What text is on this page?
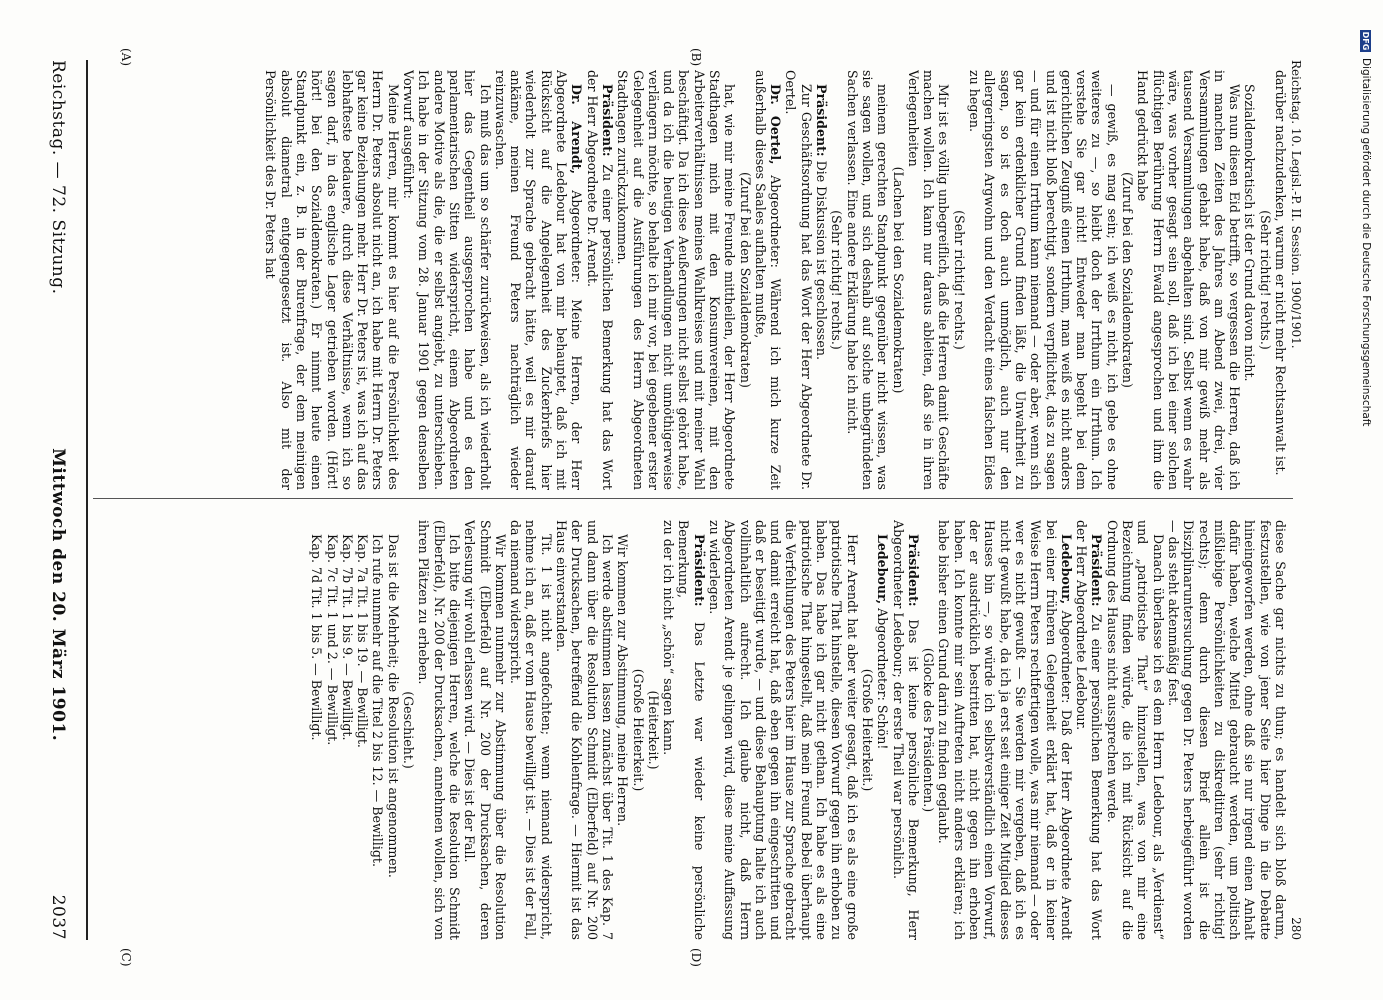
DFG
Digitalisierung gefördert durch die Deutsche Forschungsgemeinschaft
Reichstag. 10. Legisl.-P. II. Session. 1900/1901.
280

darüber nachzudenken, warum er nicht mehr Rechtsanwalt ist.

(Sehr richtig! rechts.)

Sozialdemokratisch ist der Grund davon nicht.

Was nun diesen Eid betrifft, so vergessen die Herren, daß ich in manchen Zeiten des Jahres am Abend zwei, drei, vier Versammlungen gehabt habe, daß von mir gewiß mehr als tausend Versammlungen abgehalten sind. Selbst wenn es wahr wäre, was vorher gesagt sein soll, daß ich bei einer solchen flüchtigen Berührung Herrn Ewald angesprochen und ihm die Hand gedrückt habe

(Zuruf bei den Sozialdemokraten)

— gewiß, es mag sein; ich weiß es nicht, ich gebe es ohne weiteres zu —, so bleibt doch der Irrthum ein Irrthum. Ich verstehe Sie gar nicht! Entweder man begeht bei dem gerichtlichen Zeugniß einen Irrthum, man weiß es nicht anders und ist nicht bloß berechtigt, sondern verpflichtet, das zu sagen — und für einen Irrthum kann niemand — oder aber, wenn sich gar kein erdenklicher Grund finden läßt, die Unwahrheit zu sagen, so ist es doch auch unmöglich, auch nur den allergeringsten Argwohn und den Verdacht eines falschen Eides zu hegen.

(Sehr richtig! rechts.)

Mir ist es völlig unbegreiflich, daß die Herren damit Geschäfte machen wollen. Ich kann nur daraus ableiten, daß sie in ihren Verlegenheiten

(Lachen bei den Sozialdemokraten)

meinem gerechten Standpunkt gegenüber nicht wissen, was sie sagen wollen, und sich deshalb auf solche unbegründeten Sachen verlassen. Eine andere Erklärung habe ich nicht.

(Sehr richtig! rechts.)

Präsident: Die Diskussion ist geschlossen.

Zur Geschäftsordnung hat das Wort der Herr Abgeordnete Dr. Oertel.

Dr. Oertel, Abgeordneter: Während ich mich kurze Zeit außerhalb dieses Saales aufhalten mußte,

(Zuruf bei den Sozialdemokraten)

hat, wie mir meine Freunde mittheilen, der Herr Abgeordnete Stadthagen mich mit den Konsumvereinen, mit den Arbeiterverhältnissen meines Wahlkreises und mit meiner Wahl beschäftigt. Da ich diese Aeußerungen nicht selbst gehört habe, und da ich die heutigen Verhandlungen nicht unnöthigerweise verlängern möchte, so behalte ich mir vor, bei gegebener erster Gelegenheit auf die Ausführungen des Herrn Abgeordneten Stadthagen zurückzukommen.

Präsident: Zu einer persönlichen Bemerkung hat das Wort der Herr Abgeordnete Dr. Arendt.

Dr. Arendt, Abgeordneter: Meine Herren, der Herr Abgeordnete Ledebour hat von mir behauptet, daß ich mit Rücksicht auf die Angelegenheit des Zuckerbriefs hier wiederholt zur Sprache gebracht hätte, weil es mir darauf ankäme, meinen Freund Peters nachträglich wieder reinzuwaschen.

Ich muß das um so schärfer zurückweisen, als ich wiederholt hier das Gegentheil ausgesprochen habe und es den parlamentarischen Sitten widerspricht, einem Abgeordneten andere Motive als die, die er selbst angiebt, zu unterschieben. Ich habe in der Sitzung vom 28. Januar 1901 gegen denselben Vorwurf ausgeführt:

Meine Herren, mir kommt es hier auf die Persönlichkeit des Herrn Dr. Peters absolut nicht an, ich habe mit Herrn Dr. Peters gar keine Beziehungen mehr. Herr Dr. Peters ist, was ich auf das lebhafteste bedauere, durch diese Verhältnisse, wenn ich so sagen darf, in das englische Lager getrieben worden. (Hört! hört! bei den Sozialdemokraten.) Er nimmt heute einen Standpunkt ein, z. B. in der Burenfrage, der dem meinigen absolut diametral entgegengesetzt ist. Also mit der Persönlichkeit des Dr. Peters hat

diese Sache gar nichts zu thun; es handelt sich bloß darum, festzustellen, wie von jener Seite hier Dinge in die Debatte hineingeworfen werden, ohne daß sie nur irgend einen Anhalt dafür haben, welche Mittel gebraucht werden, um politisch mißliebige Persönlichkeiten zu diskreditiren (sehr richtig! rechts); denn durch diesen Brief allein ist die Disziplinaruntersuchung gegen Dr. Peters herbeigeführt worden — das steht aktenmäßig fest.

Danach überlasse ich es dem Herrn Ledebour, als „Verdienst“ und „patriotische That“ hinzustellen, was von mir eine Bezeichnung finden würde, die ich mit Rücksicht auf die Ordnung des Hauses nicht aussprechen werde.

Präsident: Zu einer persönlichen Bemerkung hat das Wort der Herr Abgeordnete Ledebour.

Ledebour, Abgeordneter: Daß der Herr Abgeordnete Arendt bei einer früheren Gelegenheit erklärt hat, daß er in keiner Weise Herrn Peters rechtfertigen wolle, was mir niemand — oder wer es nicht gewußt — Sie werden mir vergeben, daß ich es nicht gewußt habe, da ich ja erst seit einiger Zeit Mitglied dieses Hauses bin —, so würde ich selbstverständlich einen Vorwurf, der er ausdrücklich bestritten hat, nicht gegen ihn erhoben haben. Ich konnte mir sein Auftreten nicht anders erklären; ich habe bisher einen Grund darin zu finden geglaubt.

(Glocke des Präsidenten.)

Präsident: Das ist keine persönliche Bemerkung, Herr Abgeordneter Ledebour; der erste Theil war persönlich.

Ledebour, Abgeordneter: Schön!

(Große Heiterkeit.)

Herr Arendt hat aber weiter gesagt, daß ich es als eine große patriotische That hinstelle, diesen Vorwurf gegen ihn erhoben zu haben. Das habe ich gar nicht gethan. Ich habe es als eine patriotische That hingestellt, daß mein Freund Bebel überhaupt die Verfehlungen des Peters hier im Hause zur Sprache gebracht und damit erreicht hat, daß eben gegen ihn eingeschritten und daß er beseitigt wurde, — und diese Behauptung halte ich auch vollinhaltlich aufrecht. Ich glaube nicht, daß Herrn Abgeordneten Arendt je gelingen wird, diese meine Auffassung zu widerlegen.

Präsident: Das Letzte war wieder keine persönliche Bemerkung,

zu der ich nicht „schön“ sagen kann.

(Heiterkeit.)

(Große Heiterkeit.)

Wir kommen zur Abstimmung, meine Herren.

Ich werde abstimmen lassen zunächst über Tit. 1 des Kap. 7 und dann über die Resolution Schmidt (Elberfeld) auf Nr. 200 der Drucksachen, betreffend die Kohlenfrage. — Hiermit ist das Haus einverstanden.

Tit. 1 ist nicht angefochten; wenn niemand widerspricht, nehme ich an, daß er vom Hause bewilligt ist. — Dies ist der Fall, da niemand widerspricht.

Wir kommen nunmehr zur Abstimmung über die Resolution Schmidt (Elberfeld) auf Nr. 200 der Drucksachen, deren Verlesung wir wohl erlassen wird. — Dies ist der Fall.

Ich bitte diejenigen Herren, welche die Resolution Schmidt (Elberfeld), Nr. 200 der Drucksachen, annehmen wollen, sich von ihren Plätzen zu erheben.

(Geschieht.)

Das ist die Mehrheit; die Resolution ist angenommen.

Ich rufe nunmehr auf die Titel 2 bis 12. — Bewilligt.

Kap. 7a Tit. 1 bis 19. — Bewilligt.

Kap. 7b Tit. 1 bis 9. — Bewilligt.

Kap. 7c Tit. 1 und 2. — Bewilligt.

Kap. 7d Tit. 1 bis 5. — Bewilligt.

(A)	(B)
(C)	(D)
Reichstag. — 72. Sitzung.
Mittwoch den 20. März 1901.
2037
